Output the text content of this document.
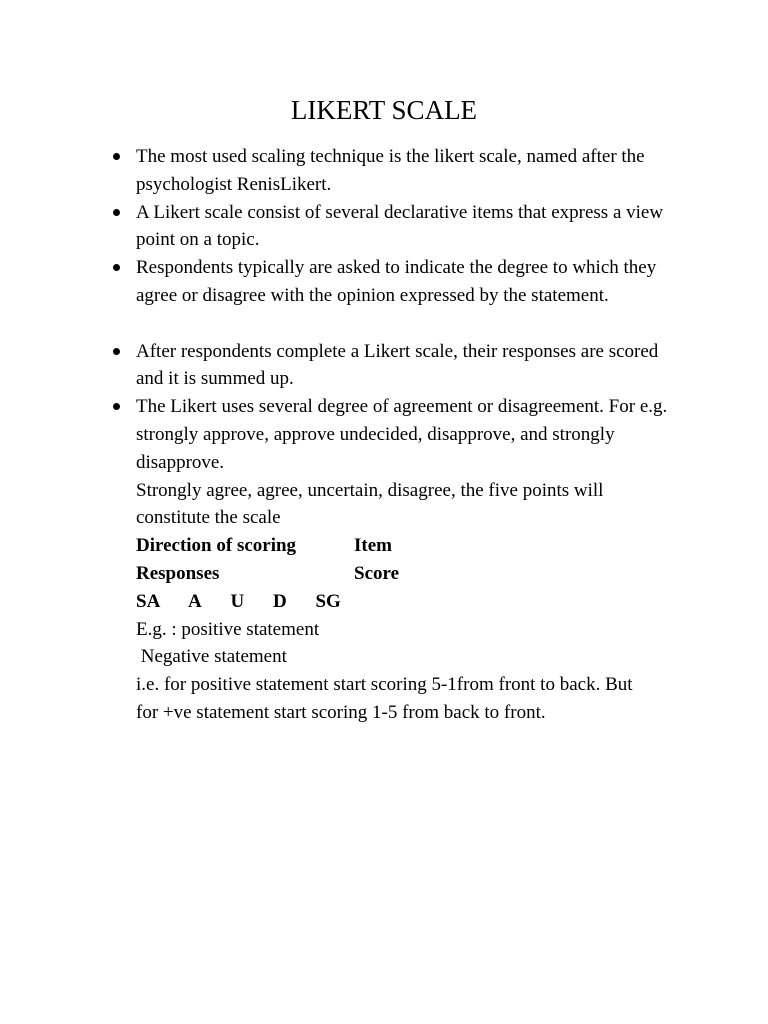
LIKERT SCALE
The most used scaling technique is the likert scale, named after the psychologist RenisLikert.
A Likert scale consist of several declarative items that express a view point on a topic.
Respondents typically are asked to indicate the degree to which they agree or disagree with the opinion expressed by the statement.
After respondents complete a Likert scale, their responses are scored and it is summed up.
The Likert uses several degree of agreement or disagreement. For e.g. strongly approve, approve undecided, disapprove, and strongly disapprove.
Strongly agree, agree, uncertain, disagree, the five points will
constitute the scale
Direction of scoring	Item
Responses	Score
SA A U D SG
E.g. : positive statement
Negative statement
i.e. for positive statement start scoring 5-1from front to back. But
for +ve statement start scoring 1-5 from back to front.
